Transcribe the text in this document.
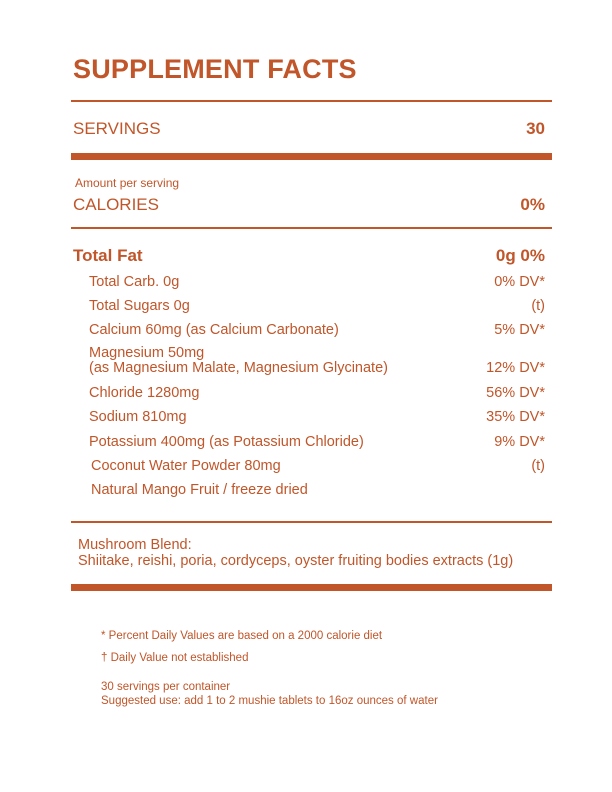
SUPPLEMENT FACTS
SERVINGS	30
Amount per serving
CALORIES	0%
Total Fat	0g 0%
Total Carb. 0g	0% DV*
Total Sugars 0g	(t)
Calcium 60mg (as Calcium Carbonate)	5% DV*
Magnesium 50mg
(as Magnesium Malate, Magnesium Glycinate)	12% DV*
Chloride 1280mg	56% DV*
Sodium 810mg	35% DV*
Potassium 400mg (as Potassium Chloride)	9% DV*
Coconut Water Powder 80mg	(t)
Natural Mango Fruit / freeze dried
Mushroom Blend:
Shiitake, reishi, poria, cordyceps, oyster fruiting bodies extracts (1g)
* Percent Daily Values are based on a 2000 calorie diet
† Daily Value not established
30 servings per container
Suggested use: add 1 to 2 mushie tablets to 16oz ounces of water
